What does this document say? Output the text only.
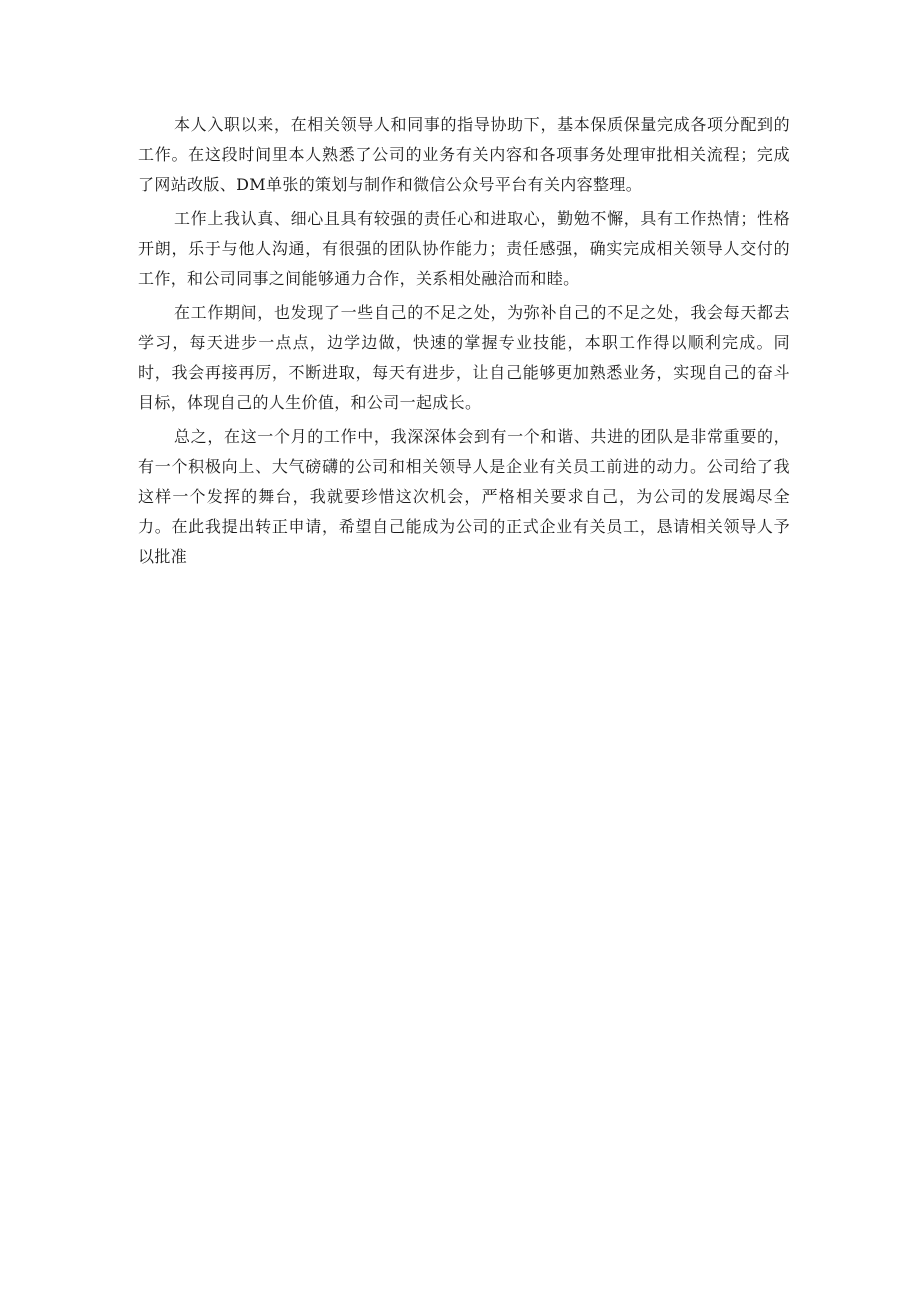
本人入职以来，在相关领导人和同事的指导协助下，基本保质保量完成各项分配到的工作。在这段时间里本人熟悉了公司的业务有关内容和各项事务处理审批相关流程；完成了网站改版、DM单张的策划与制作和微信公众号平台有关内容整理。

工作上我认真、细心且具有较强的责任心和进取心，勤勉不懈，具有工作热情；性格开朗，乐于与他人沟通，有很强的团队协作能力；责任感强，确实完成相关领导人交付的工作，和公司同事之间能够通力合作，关系相处融洽而和睦。

在工作期间，也发现了一些自己的不足之处，为弥补自己的不足之处，我会每天都去学习，每天进步一点点，边学边做，快速的掌握专业技能，本职工作得以顺利完成。同时，我会再接再厉，不断进取，每天有进步，让自己能够更加熟悉业务，实现自己的奋斗目标，体现自己的人生价值，和公司一起成长。

总之，在这一个月的工作中，我深深体会到有一个和谐、共进的团队是非常重要的，有一个积极向上、大气磅礴的公司和相关领导人是企业有关员工前进的动力。公司给了我这样一个发挥的舞台，我就要珍惜这次机会，严格相关要求自己，为公司的发展竭尽全力。在此我提出转正申请，希望自己能成为公司的正式企业有关员工，恳请相关领导人予以批准
